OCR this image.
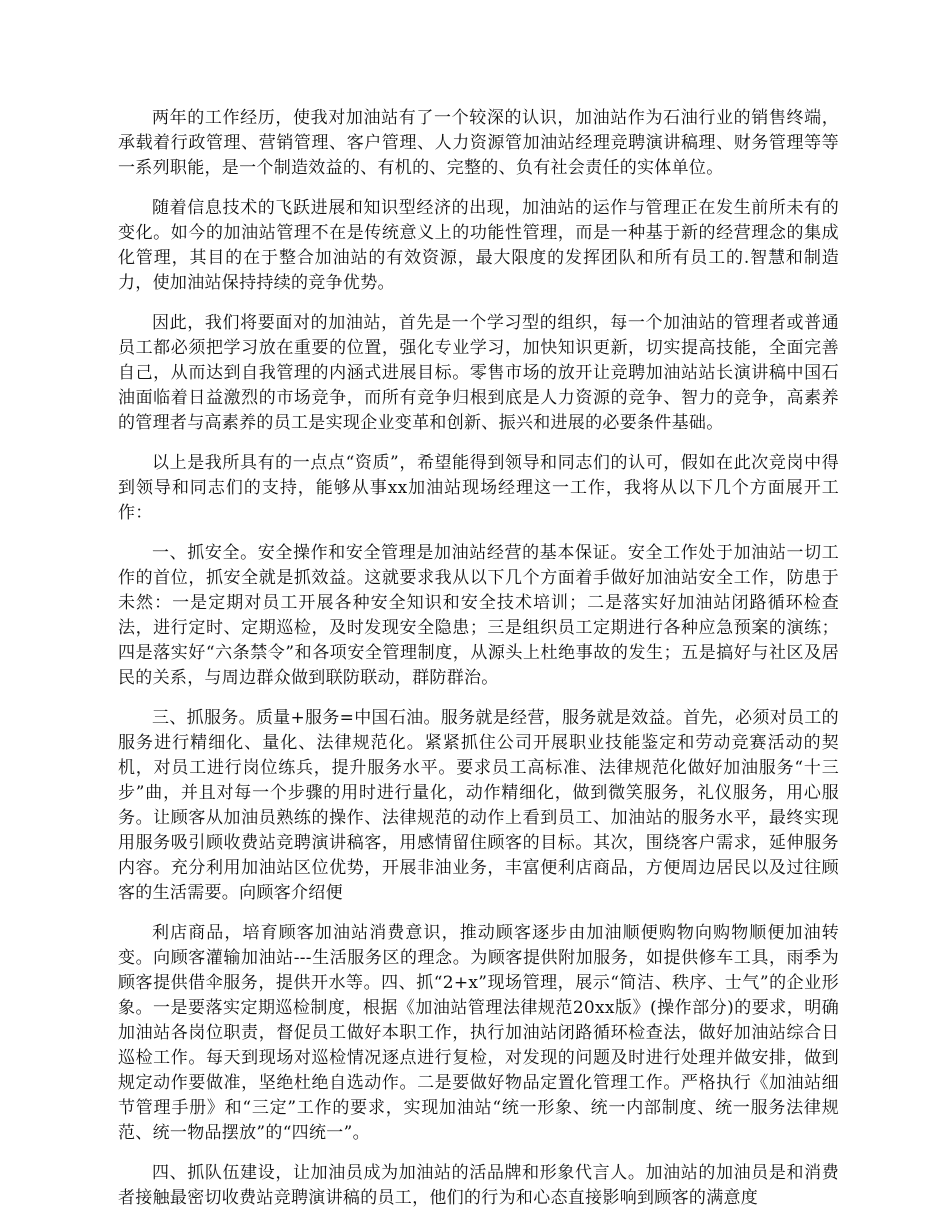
两年的工作经历，使我对加油站有了一个较深的认识，加油站作为石油行业的销售终端，承载着行政管理、营销管理、客户管理、人力资源管加油站经理竞聘演讲稿理、财务管理等等一系列职能，是一个制造效益的、有机的、完整的、负有社会责任的实体单位。

随着信息技术的飞跃进展和知识型经济的出现，加油站的运作与管理正在发生前所未有的变化。如今的加油站管理不在是传统意义上的功能性管理，而是一种基于新的经营理念的集成化管理，其目的在于整合加油站的有效资源，最大限度的发挥团队和所有员工的.智慧和制造力，使加油站保持持续的竞争优势。

因此，我们将要面对的加油站，首先是一个学习型的组织，每一个加油站的管理者或普通员工都必须把学习放在重要的位置，强化专业学习，加快知识更新，切实提高技能，全面完善自己，从而达到自我管理的内涵式进展目标。零售市场的放开让竞聘加油站站长演讲稿中国石油面临着日益激烈的市场竞争，而所有竞争归根到底是人力资源的竞争、智力的竞争，高素养的管理者与高素养的员工是实现企业变革和创新、振兴和进展的必要条件基础。

以上是我所具有的一点点“资质”，希望能得到领导和同志们的认可，假如在此次竞岗中得到领导和同志们的支持，能够从事xx加油站现场经理这一工作，我将从以下几个方面展开工作：

一、抓安全。安全操作和安全管理是加油站经营的基本保证。安全工作处于加油站一切工作的首位，抓安全就是抓效益。这就要求我从以下几个方面着手做好加油站安全工作，防患于未然：一是定期对员工开展各种安全知识和安全技术培训；二是落实好加油站闭路循环检查法，进行定时、定期巡检，及时发现安全隐患；三是组织员工定期进行各种应急预案的演练；四是落实好“六条禁令”和各项安全管理制度，从源头上杜绝事故的发生；五是搞好与社区及居民的关系，与周边群众做到联防联动，群防群治。

三、抓服务。质量+服务=中国石油。服务就是经营，服务就是效益。首先，必须对员工的服务进行精细化、量化、法律规范化。紧紧抓住公司开展职业技能鉴定和劳动竞赛活动的契机，对员工进行岗位练兵，提升服务水平。要求员工高标准、法律规范化做好加油服务“十三步”曲，并且对每一个步骤的用时进行量化，动作精细化，做到微笑服务，礼仪服务，用心服务。让顾客从加油员熟练的操作、法律规范的动作上看到员工、加油站的服务水平，最终实现用服务吸引顾收费站竞聘演讲稿客，用感情留住顾客的目标。其次，围绕客户需求，延伸服务内容。充分利用加油站区位优势，开展非油业务，丰富便利店商品，方便周边居民以及过往顾客的生活需要。向顾客介绍便

利店商品，培育顾客加油站消费意识，推动顾客逐步由加油顺便购物向购物顺便加油转变。向顾客灌输加油站---生活服务区的理念。为顾客提供附加服务，如提供修车工具，雨季为顾客提供借伞服务，提供开水等。四、抓“2+x”现场管理，展示“简洁、秩序、士气”的企业形象。一是要落实定期巡检制度，根据《加油站管理法律规范20xx版》(操作部分)的要求，明确加油站各岗位职责，督促员工做好本职工作，执行加油站闭路循环检查法，做好加油站综合日巡检工作。每天到现场对巡检情况逐点进行复检，对发现的问题及时进行处理并做安排，做到规定动作要做准，坚绝杜绝自选动作。二是要做好物品定置化管理工作。严格执行《加油站细节管理手册》和“三定”工作的要求，实现加油站“统一形象、统一内部制度、统一服务法律规范、统一物品摆放”的“四统一”。

四、抓队伍建设，让加油员成为加油站的活品牌和形象代言人。加油站的加油员是和消费者接触最密切收费站竞聘演讲稿的员工，他们的行为和心态直接影响到顾客的满意度
